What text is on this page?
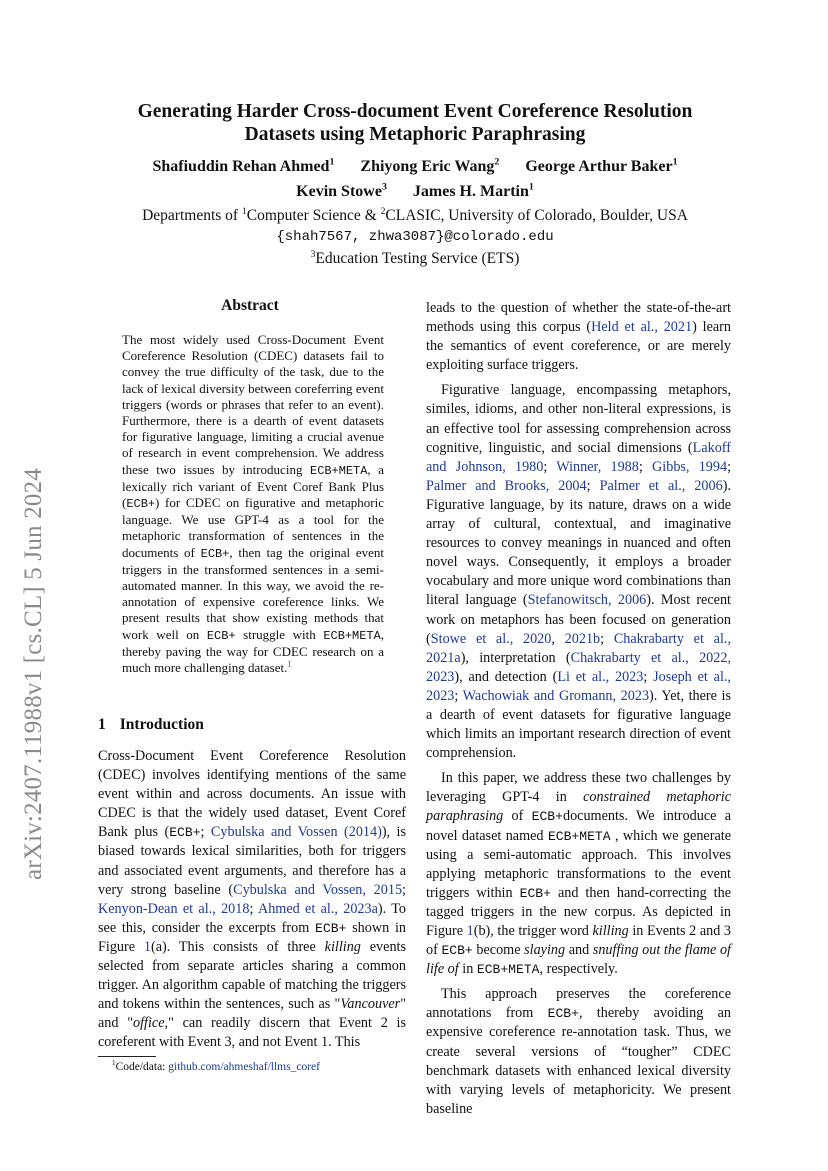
arXiv:2407.11988v1 [cs.CL] 5 Jun 2024
Generating Harder Cross-document Event Coreference Resolution
Datasets using Metaphoric Paraphrasing
Shafiuddin Rehan Ahmed$^1$ Zhiyong Eric Wang$^2$ George Arthur Baker$^1$
Kevin Stowe$^3$ James H. Martin$^1$
Departments of $^1$Computer Science & $^2$CLASIC, University of Colorado, Boulder, USA
{shah7567, zhwa3087}@colorado.edu
$^3$Education Testing Service (ETS)
Abstract
The most widely used Cross-Document Event Coreference Resolution (CDEC) datasets fail to convey the true difficulty of the task, due to the lack of lexical diversity between coreferring event triggers (words or phrases that refer to an event). Furthermore, there is a dearth of event datasets for figurative language, limiting a crucial avenue of research in event comprehension. We address these two issues by introducing ECB+META, a lexically rich variant of Event Coref Bank Plus (ECB+) for CDEC on figurative and metaphoric language. We use GPT-4 as a tool for the metaphoric transformation of sentences in the documents of ECB+, then tag the original event triggers in the transformed sentences in a semi-automated manner. In this way, we avoid the re-annotation of expensive coreference links. We present results that show existing methods that work well on ECB+ struggle with ECB+META, thereby paving the way for CDEC research on a much more challenging dataset.$^1$
1 Introduction

Cross-Document Event Coreference Resolution (CDEC) involves identifying mentions of the same event within and across documents. An issue with CDEC is that the widely used dataset, Event Coref Bank plus (ECB+; Cybulska and Vossen (2014)), is biased towards lexical similarities, both for triggers and associated event arguments, and therefore has a very strong baseline (Cybulska and Vossen, 2015; Kenyon-Dean et al., 2018; Ahmed et al., 2023a). To see this, consider the excerpts from ECB+ shown in Figure 1(a). This consists of three killing events selected from separate articles sharing a common trigger. An algorithm capable of matching the triggers and tokens within the sentences, such as "Vancouver" and "office," can readily discern that Event 2 is coreferent with Event 3, and not Event 1. This

leads to the question of whether the state-of-the-art methods using this corpus (Held et al., 2021) learn the semantics of event coreference, or are merely exploiting surface triggers.

Figurative language, encompassing metaphors, similes, idioms, and other non-literal expressions, is an effective tool for assessing comprehension across cognitive, linguistic, and social dimensions (Lakoff and Johnson, 1980; Winner, 1988; Gibbs, 1994; Palmer and Brooks, 2004; Palmer et al., 2006). Figurative language, by its nature, draws on a wide array of cultural, contextual, and imaginative resources to convey meanings in nuanced and often novel ways. Consequently, it employs a broader vocabulary and more unique word combinations than literal language (Stefanowitsch, 2006). Most recent work on metaphors has been focused on generation (Stowe et al., 2020, 2021b; Chakrabarty et al., 2021a), interpretation (Chakrabarty et al., 2022, 2023), and detection (Li et al., 2023; Joseph et al., 2023; Wachowiak and Gromann, 2023). Yet, there is a dearth of event datasets for figurative language which limits an important research direction of event comprehension.

In this paper, we address these two challenges by leveraging GPT-4 in constrained metaphoric paraphrasing of ECB+documents. We introduce a novel dataset named ECB+META , which we generate using a semi-automatic approach. This involves applying metaphoric transformations to the event triggers within ECB+ and then hand-correcting the tagged triggers in the new corpus. As depicted in Figure 1(b), the trigger word killing in Events 2 and 3 of ECB+ become slaying and snuffing out the flame of life of in ECB+META, respectively.

This approach preserves the coreference annotations from ECB+, thereby avoiding an expensive coreference re-annotation task. Thus, we create several versions of “tougher” CDEC benchmark datasets with enhanced lexical diversity with varying levels of metaphoricity. We present baseline

$^1$Code/data: github.com/ahmeshaf/llms_coref
